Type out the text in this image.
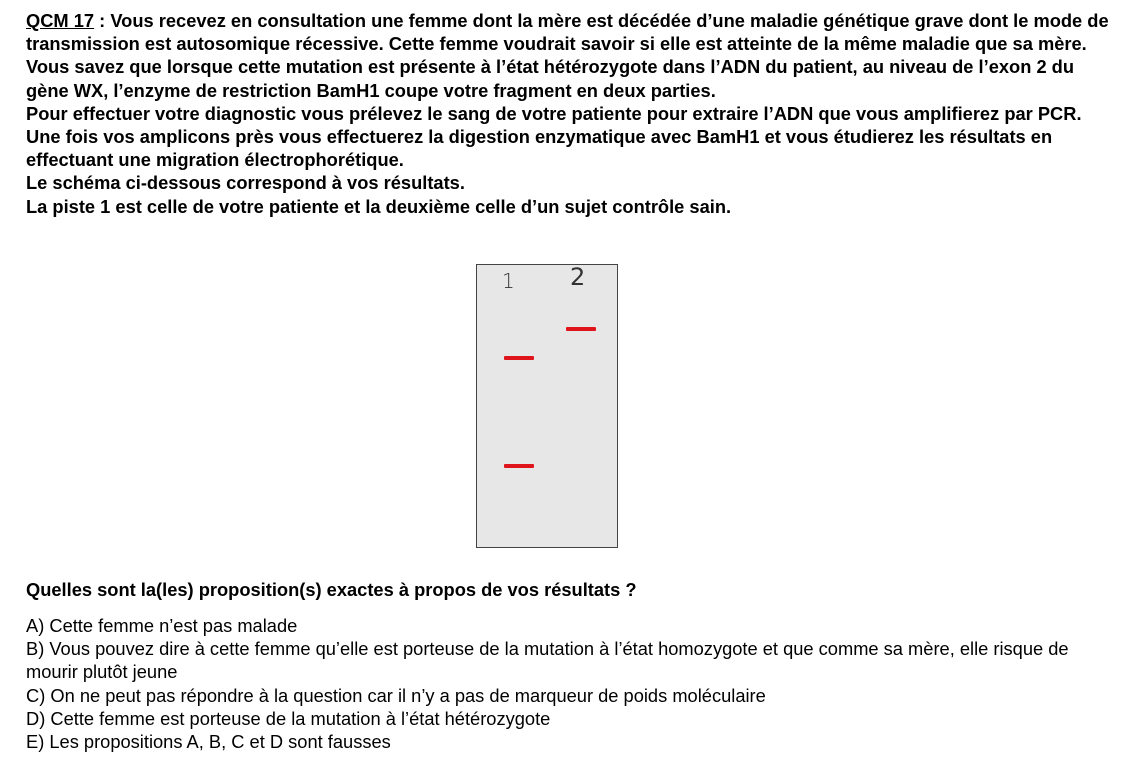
QCM 17 : Vous recevez en consultation une femme dont la mère est décédée d’une maladie génétique grave dont le mode de transmission est autosomique récessive. Cette femme voudrait savoir si elle est atteinte de la même maladie que sa mère. Vous savez que lorsque cette mutation est présente à l’état hétérozygote dans l’ADN du patient, au niveau de l’exon 2 du gène WX, l’enzyme de restriction BamH1 coupe votre fragment en deux parties.

Pour effectuer votre diagnostic vous prélevez le sang de votre patiente pour extraire l’ADN que vous amplifierez par PCR. Une fois vos amplicons près vous effectuerez la digestion enzymatique avec BamH1 et vous étudierez les résultats en effectuant une migration électrophorétique.

Le schéma ci-dessous correspond à vos résultats.

La piste 1 est celle de votre patiente et la deuxième celle d’un sujet contrôle sain.

1 2

Quelles sont la(les) proposition(s) exactes à propos de vos résultats ?

A) Cette femme n’est pas malade
B) Vous pouvez dire à cette femme qu’elle est porteuse de la mutation à l’état homozygote et que comme sa mère, elle risque de mourir plutôt jeune
C) On ne peut pas répondre à la question car il n’y a pas de marqueur de poids moléculaire
D) Cette femme est porteuse de la mutation à l’état hétérozygote
E) Les propositions A, B, C et D sont fausses
